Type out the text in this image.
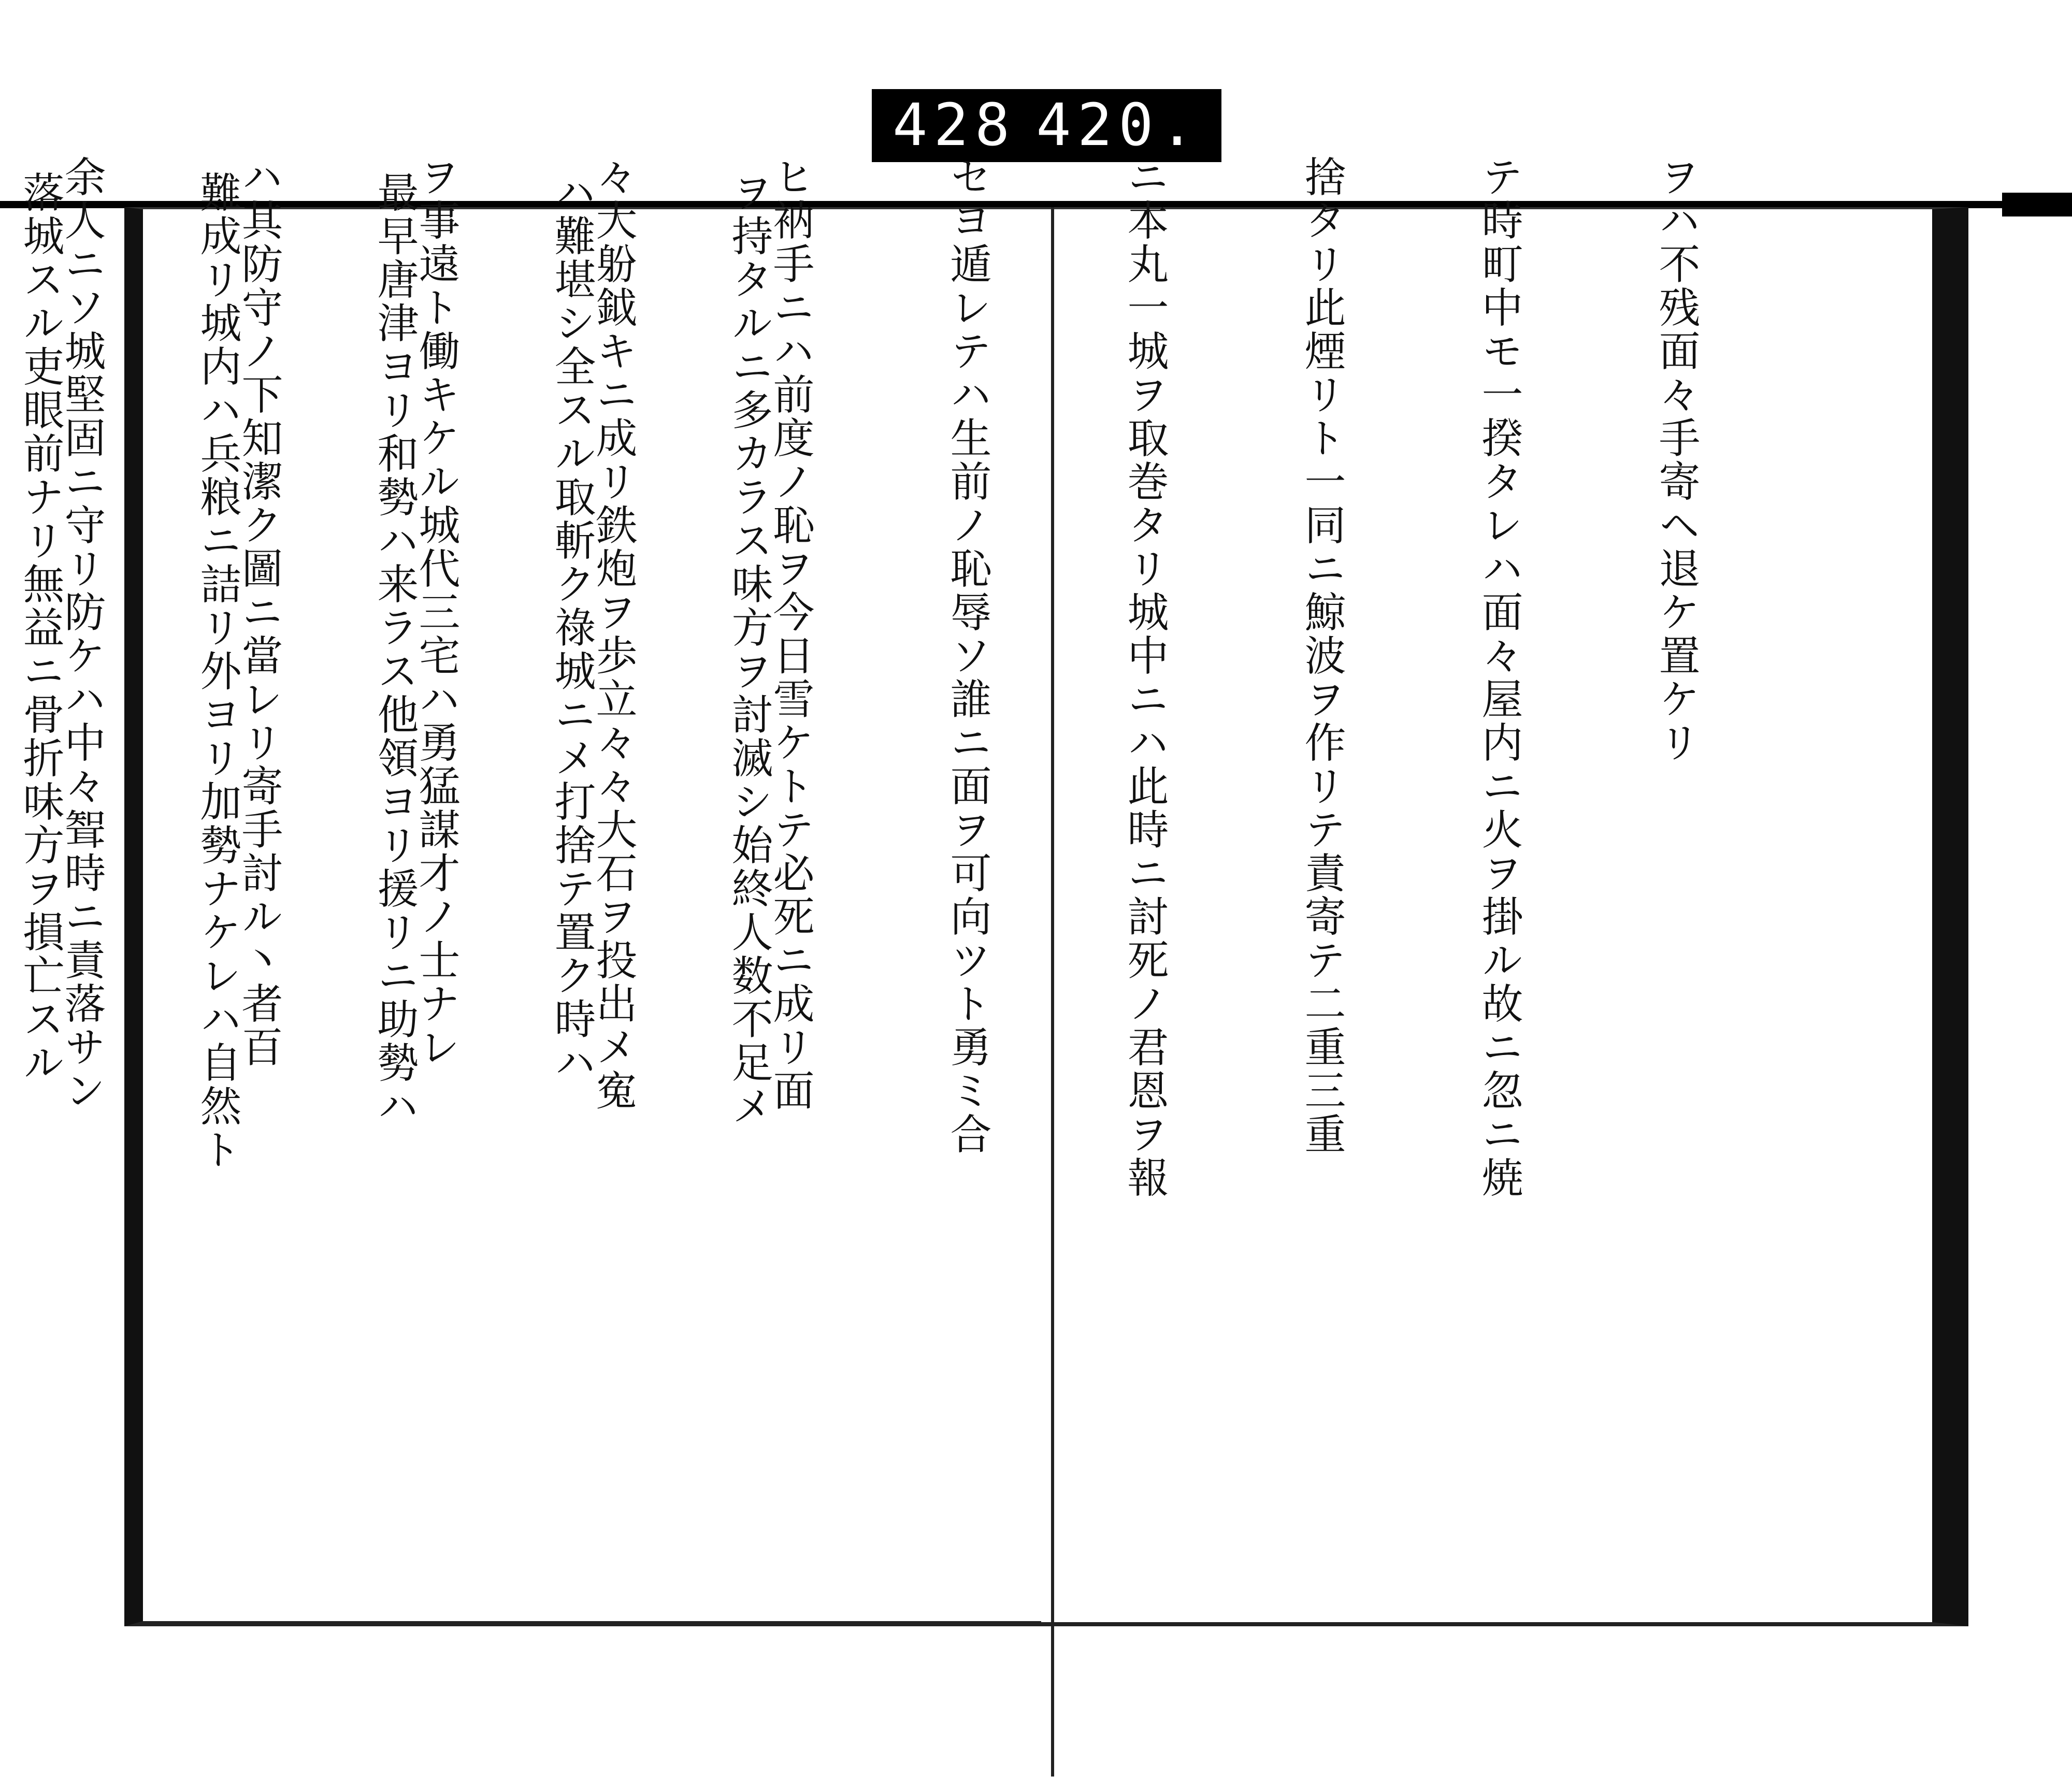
428 420.

ヲハ不残面々手寄ヘ退ケ置ケリ

テ時町中モ一揆タレハ面々屋内ニ火ヲ掛ル故ニ忽ニ焼

捨タリ此煙リト一同ニ鯨波ヲ作リテ責寄テ二重三重

ニ本丸一城ヲ取巻タリ城中ニハ此時ニ討死ノ君恩ヲ報

セヨ遁レテハ生前ノ恥辱ソ誰ニ面ヲ可向ツト勇ミ合

ヒ衲手ニハ前度ノ恥ヲ今日雪ケトテ必死ニ成リ面

々大躮鉞キニ成リ鉄炮ヲ歩立々々大石ヲ投出メ寃

ヲ事遠ト働キケル城代三宅ハ勇猛謀才ノ士ナレ

ハ其防守ノ下知潔ク圖ニ當レリ寄手討ル丶者百

余人ニソ城堅固ニ守リ防ケハ中々聟時ニ責落サン

	ヲ持タルニ多カラス味方ヲ討滅シ始終人数不足メ

ハ難堪シ全スル取斬ク祿城ニメ打捨テ置ク時ハ

最早唐津ヨリ和勢ハ来ラス他領ヨリ援リニ助勢ハ

難成リ城内ハ兵粮ニ詰リ外ヨリ加勢ナケレハ自然ト

落城スル吏眼前ナリ無益ニ骨折味方ヲ損亡スル
